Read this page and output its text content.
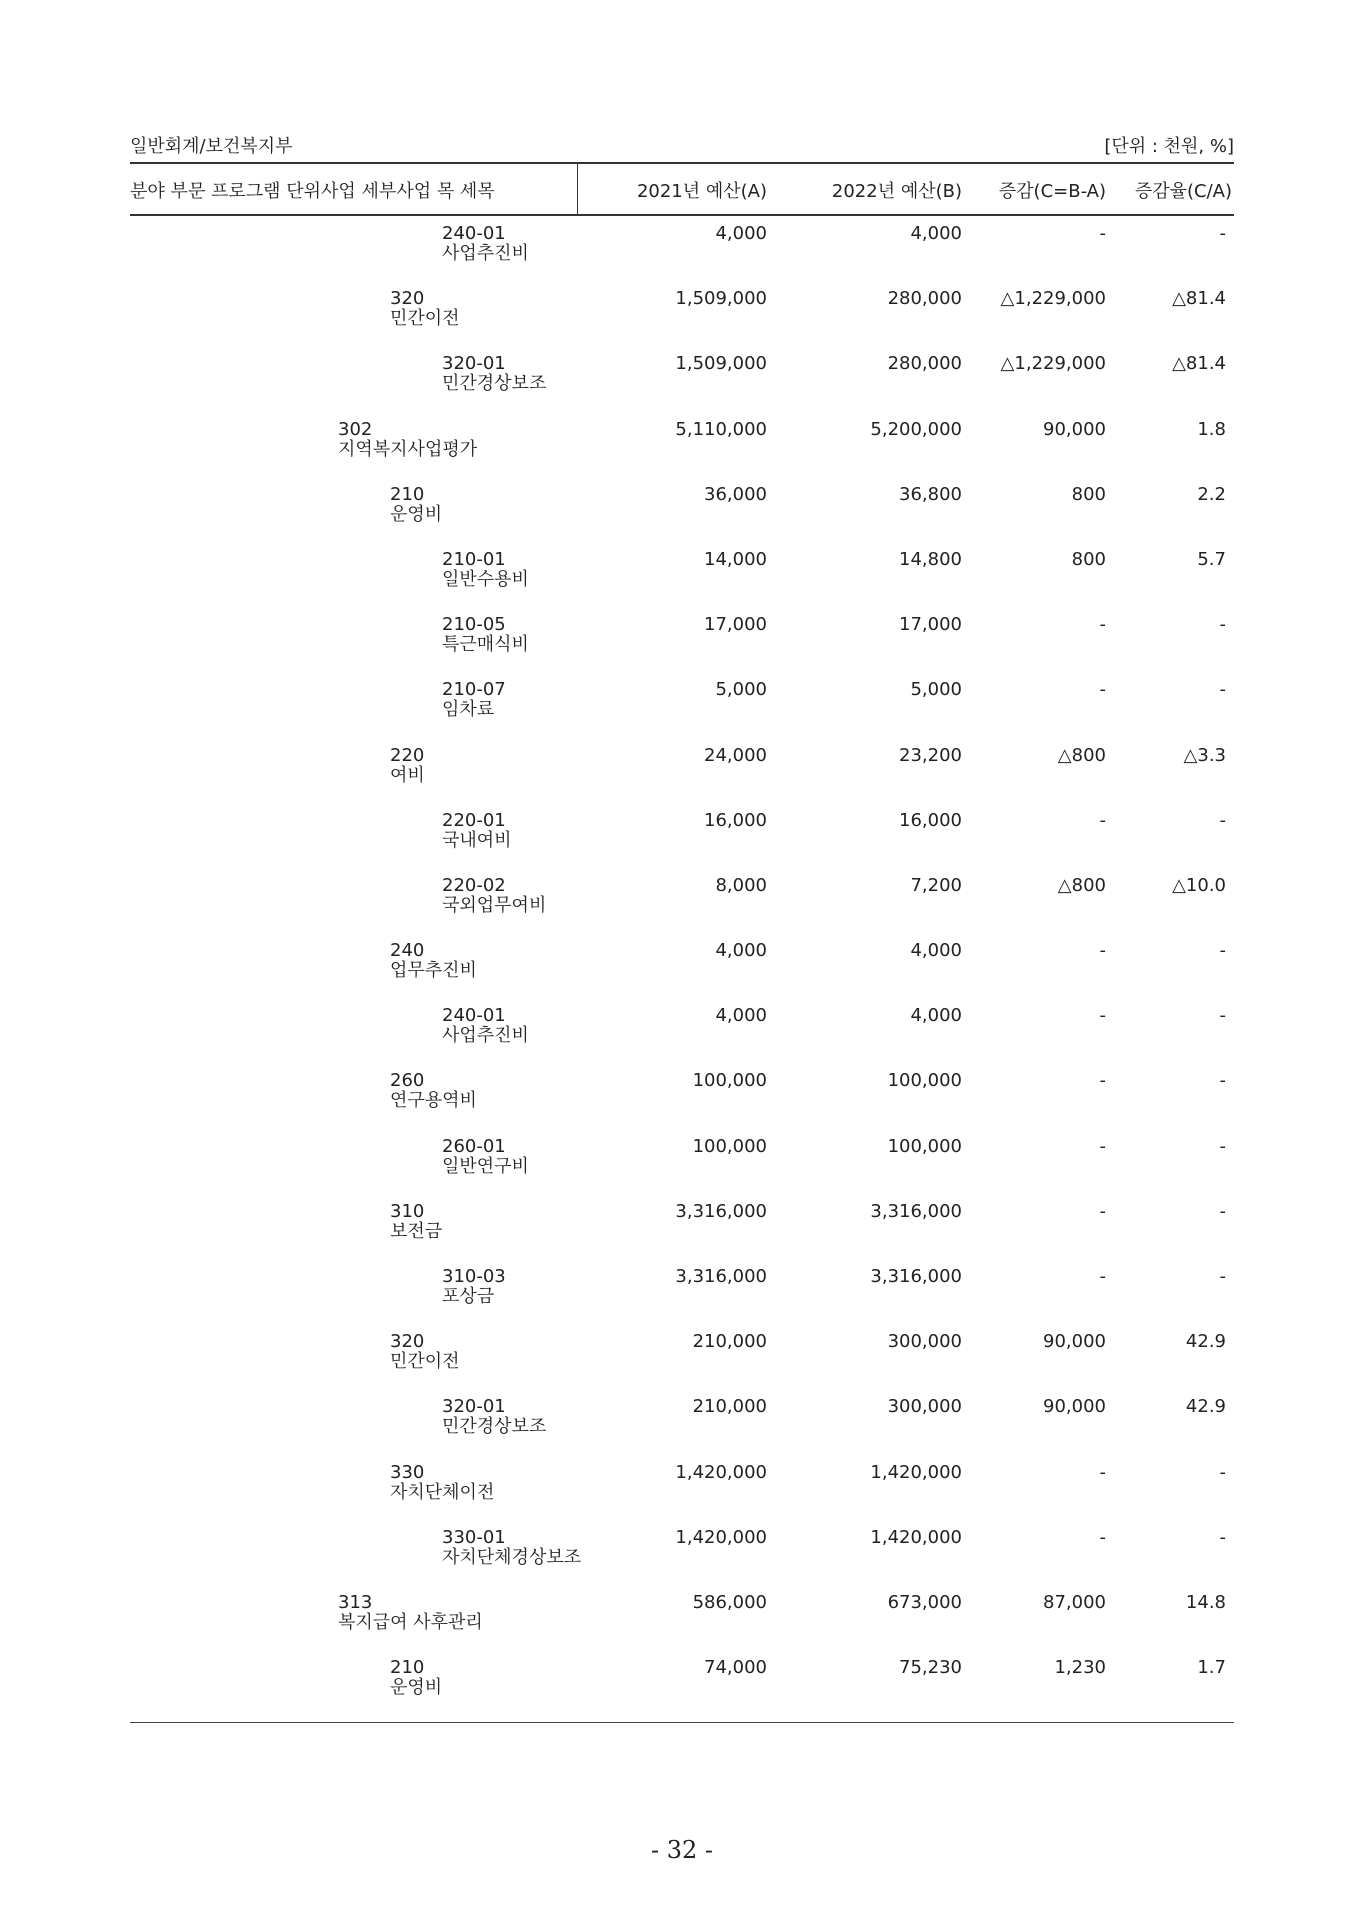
일반회계/보건복지부	[단위 : 천원, %]
분야 부문 프로그램 단위사업 세부사업 목 세목	2021년 예산(A)	2022년 예산(B) 증감(C=B-A) 증감율(C/A)
240-01
사업추진비
4,000	4,000	-	-
320
민간이전
1,509,000	280,000 △1,229,000	△81.4
320-01
민간경상보조
1,509,000	280,000 △1,229,000	△81.4
302
지역복지사업평가
5,110,000	5,200,000	90,000	1.8
210
운영비
36,000	36,800	800	2.2
210-01
일반수용비
14,000	14,800	800	5.7
210-05
특근매식비
17,000	17,000	-	-
210-07
임차료
5,000	5,000	-	-
220
여비
24,000	23,200	△800	△3.3
220-01
국내여비
16,000	16,000	-	-
220-02
국외업무여비
8,000	7,200	△800	△10.0
240
업무추진비
4,000	4,000	-	-
240-01
사업추진비
4,000	4,000	-	-
260
연구용역비
100,000	100,000	-	-
260-01
일반연구비
100,000	100,000	-	-
310
보전금
3,316,000	3,316,000	-	-
310-03
포상금
3,316,000	3,316,000	-	-
320
민간이전
210,000	300,000	90,000	42.9
320-01
민간경상보조
210,000	300,000	90,000	42.9
330
자치단체이전
1,420,000	1,420,000	-	-
330-01
자치단체경상보조
1,420,000	1,420,000	-	-
313
복지급여 사후관리
586,000	673,000	87,000	14.8
210
운영비
74,000	75,230	1,230	1.7
- 32 -
